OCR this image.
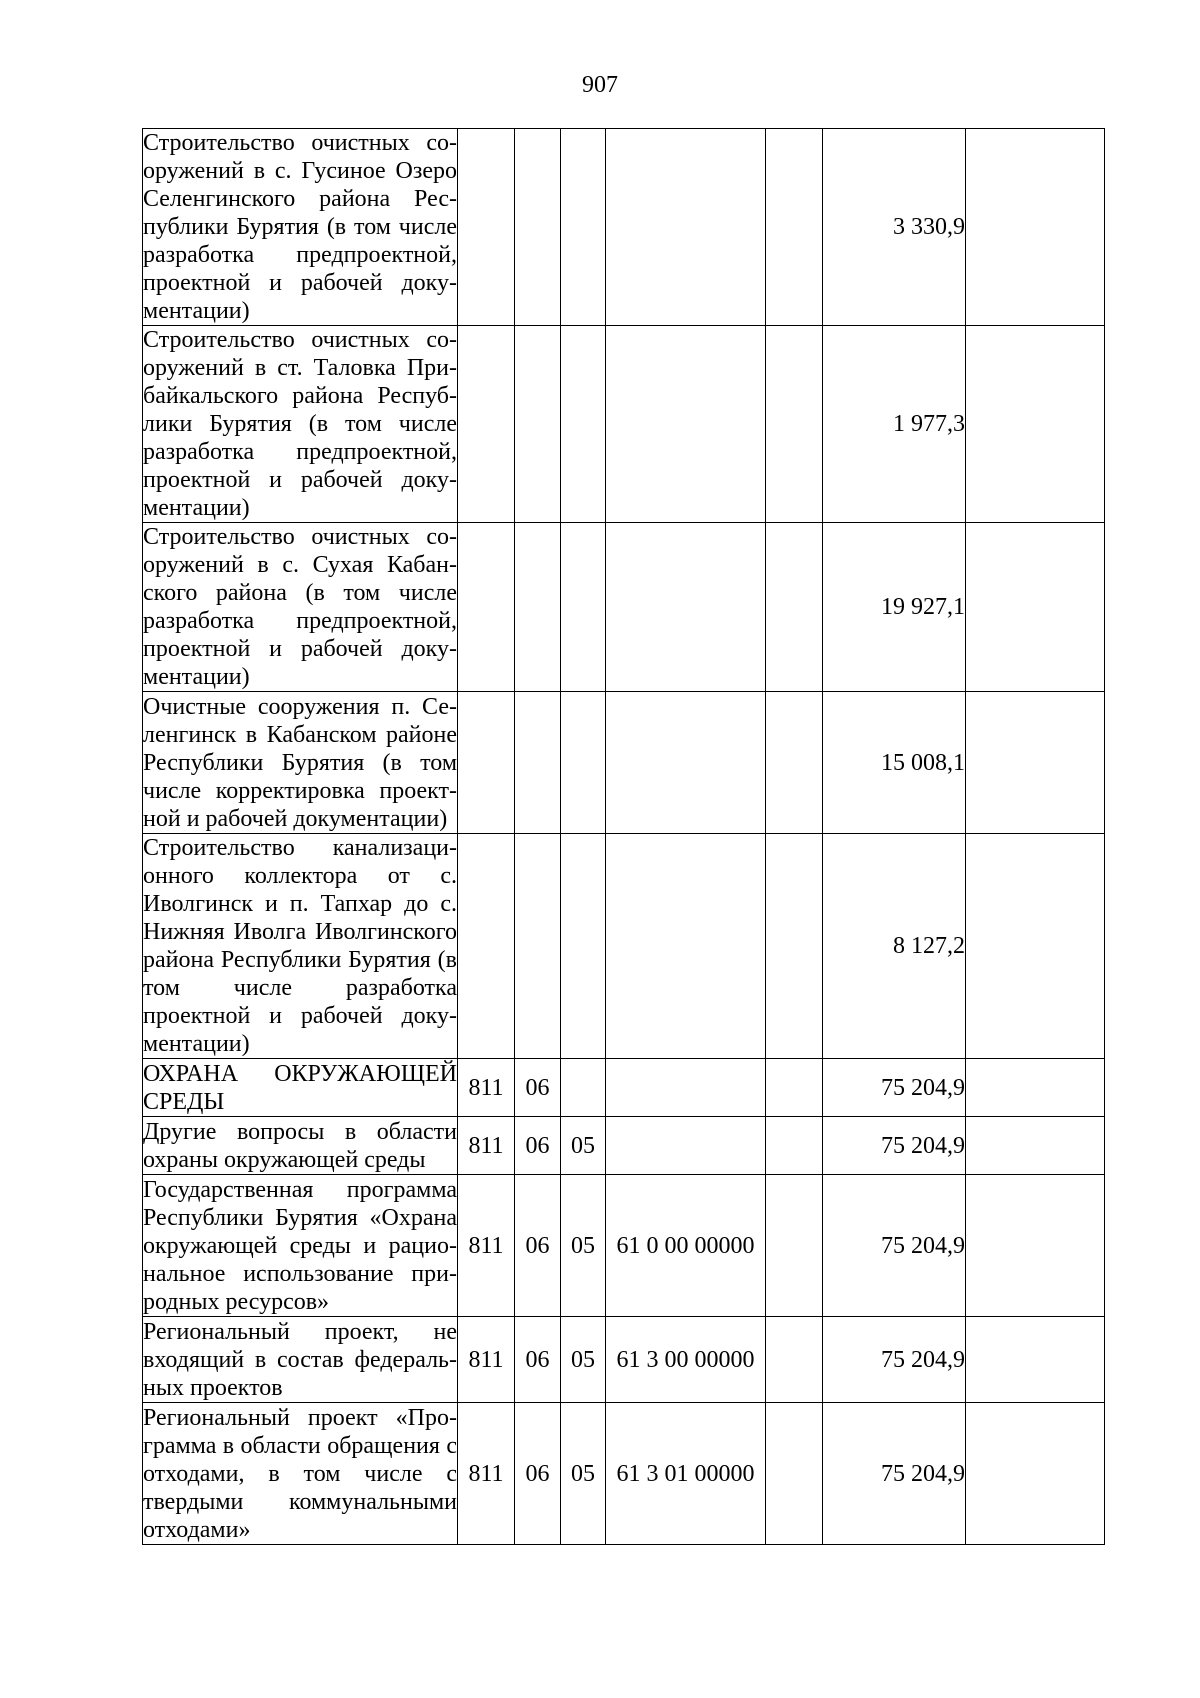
907
Строительство очистных сооружений в с. Гусиное Озеро Селенгинского района Республики Бурятия (в том числе разработка предпроектной, проектной и рабочей документации)						3 330,9	
Строительство очистных сооружений в ст. Таловка Прибайкальского района Республики Бурятия (в том числе разработка предпроектной, проектной и рабочей документации)						1 977,3	
Строительство очистных сооружений в с. Сухая Кабанского района (в том числе разработка предпроектной, проектной и рабочей документации)						19 927,1	
Очистные сооружения п. Селенгинск в Кабанском районе Республики Бурятия (в том числе корректировка проектной и рабочей документации)						15 008,1	
Строительство канализационного коллектора от с. Иволгинск и п. Тапхар до с. Нижняя Иволга Иволгинского района Республики Бурятия (в том числе разработка проектной и рабочей документации)						8 127,2	
ОХРАНА ОКРУЖАЮЩЕЙ СРЕДЫ	811	06				75 204,9	
Другие вопросы в области охраны окружающей среды	811	06	05			75 204,9	
Государственная программа Республики Бурятия «Охрана окружающей среды и рациональное использование природных ресурсов»	811	06	05	61 0 00 00000		75 204,9	
Региональный проект, не входящий в состав федеральных проектов	811	06	05	61 3 00 00000		75 204,9	
Региональный проект «Программа в области обращения с отходами, в том числе с твердыми коммунальными отходами»	811	06	05	61 3 01 00000		75 204,9	
